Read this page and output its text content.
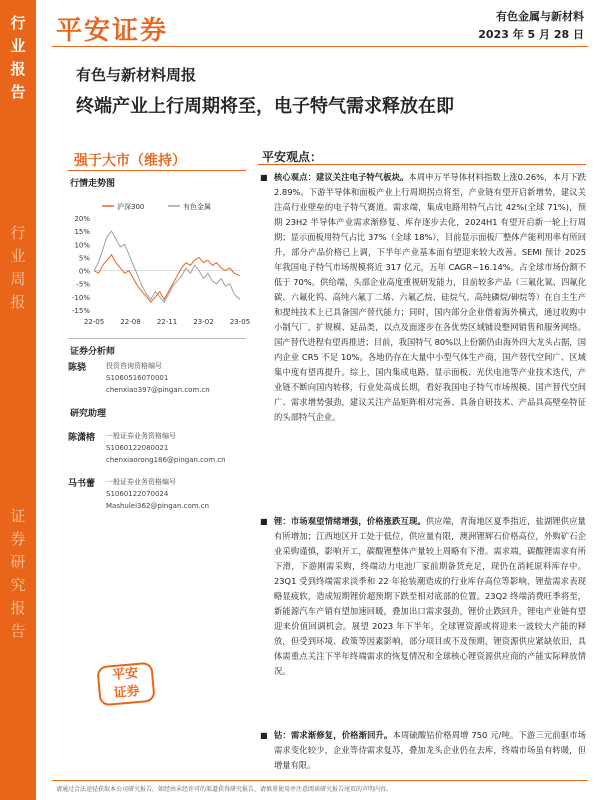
行
业
报
告
行
业
周
报
证
券
研
究
报
告
平安证券	有色金属与新材料
2023 年 5 月 28 日
有色与新材料周报
终端产业上行周期将至，电子特气需求释放在即
强于大市（维持）
行情走势图
20%
15%
10%
5%
0%
-5%
-10%
-15%
22-05 22-08 22-11 23-02 23-05
沪深300	有色金属
证券分析师
陈骁	投资咨询资格编号
S1060516070001
chenxiao397@pingan.com.cn
研究助理
陈潇榕 一般证券业务资格编号
S1060122080021
chenxiaorong186@pingan.com.cn
马书蕾 一般证券业务资格编号
S1060122070024
Mashulei362@pingan.com.cn
平安
证券
平安观点：
■ 核心观点：建议关注电子特气板块。本周申万半导体材料指数上涨0.26%，本月下跌 2.89%。下游半导体和面板产业上行周期拐点将至，产业链有望开启新增势，建议关注高行业壁垒的电子特气赛道。需求端，集成电路用特气占比 42%(全球 71%)，预期 23H2 半导体产业需求渐修复、库存逐步去化，2024H1 有望开启新一轮上行周期；显示面板用特气占比 37%（全球 18%），目前显示面板厂整体产能利用率有所回升，部分产品价格已上调，下半年产业基本面有望迎来较大改善。SEMI 预计 2025 年我国电子特气市场规模将近 317 亿元，五年 CAGR~16.14%。占全球市场份额不低于 70%。供给端，头部企业高度重视研发能力，目前较多产品（三氟化氮、四氟化碳、六氟化钨、高纯六氟丁二烯、六氟乙烷、硅烷气、高纯磷烷/砷烷等）在自主生产和提纯技术上已具备国产替代能力；同时，国内部分企业借着海外横式，通过收购中小制气厂，扩规模、延品类，以点及面逐步在各优势区域铺设整网销售和服务网络。国产替代进程有望再推进；目前，我国特气 80%以上份额仍由海外四大龙头占据，国内企业 CR5 不足 10%。各地仍存在大量中小型气体生产商，国产替代空间广、区域集中度有望再提升。综上，国内集成电路、显示面板、光伏电池等产业技术迭代，产业链不断向国内转移，行业处高成长期，看好我国电子特气市场规模、国产替代空间广、需求增势强劲，建议关注产品矩阵相对完善、具备自研技术、产品具高壁垒特征的头部特气企业。
■ 锂：市场观望情绪增强，价格涨跌互现。供应端，青海地区夏季指近，盐湖锂供应量有所增加；江西地区开工处于低位，供应量有限，澳洲锂辉石价格高位，外购矿石企业采购谨慎，影响开工，碳酸锂整体产量较上周略有下滑。需求端，碳酸锂需求有所下滑，下游刚需采购，终端动力电池厂家前期备货充足，现仍在消耗原料库存中。23Q1 受到终端需求淡季和 22 年抢装潮造成的行业库存高位等影响，锂盐需求表现略显疲软，造成短期锂价超预期下跌至相对底部的位置。23Q2 终端消费旺季将至，新能源汽车产销有望加速回暖，叠加出口需求强劲，锂价止跌回升，锂电产业链有望迎来价值回调机会。展望 2023 年下半年，全球锂资源或将迎来一波较大产能的释放，但受到环境、政策等因素影响，部分项目或不及预期，锂资源供应紧缺依旧，具体需重点关注下半年终端需求的恢复情况和全球核心锂资源供应商的产能实际释放情况。
■ 钴：需求渐修复，价格渐回升。本周硫酸钴价格周增 750 元/吨。下游三元前驱市场需求变化较少，企业等待需求复苏，叠加龙头企业仍在去库，终端市场虽有转暖，但增量有限。
请通过合法途径获取本公司研究报告，如经由未经许可的渠道获得研究报告，请慎重使用并注意阅读研究报告尾页的声明内容。
